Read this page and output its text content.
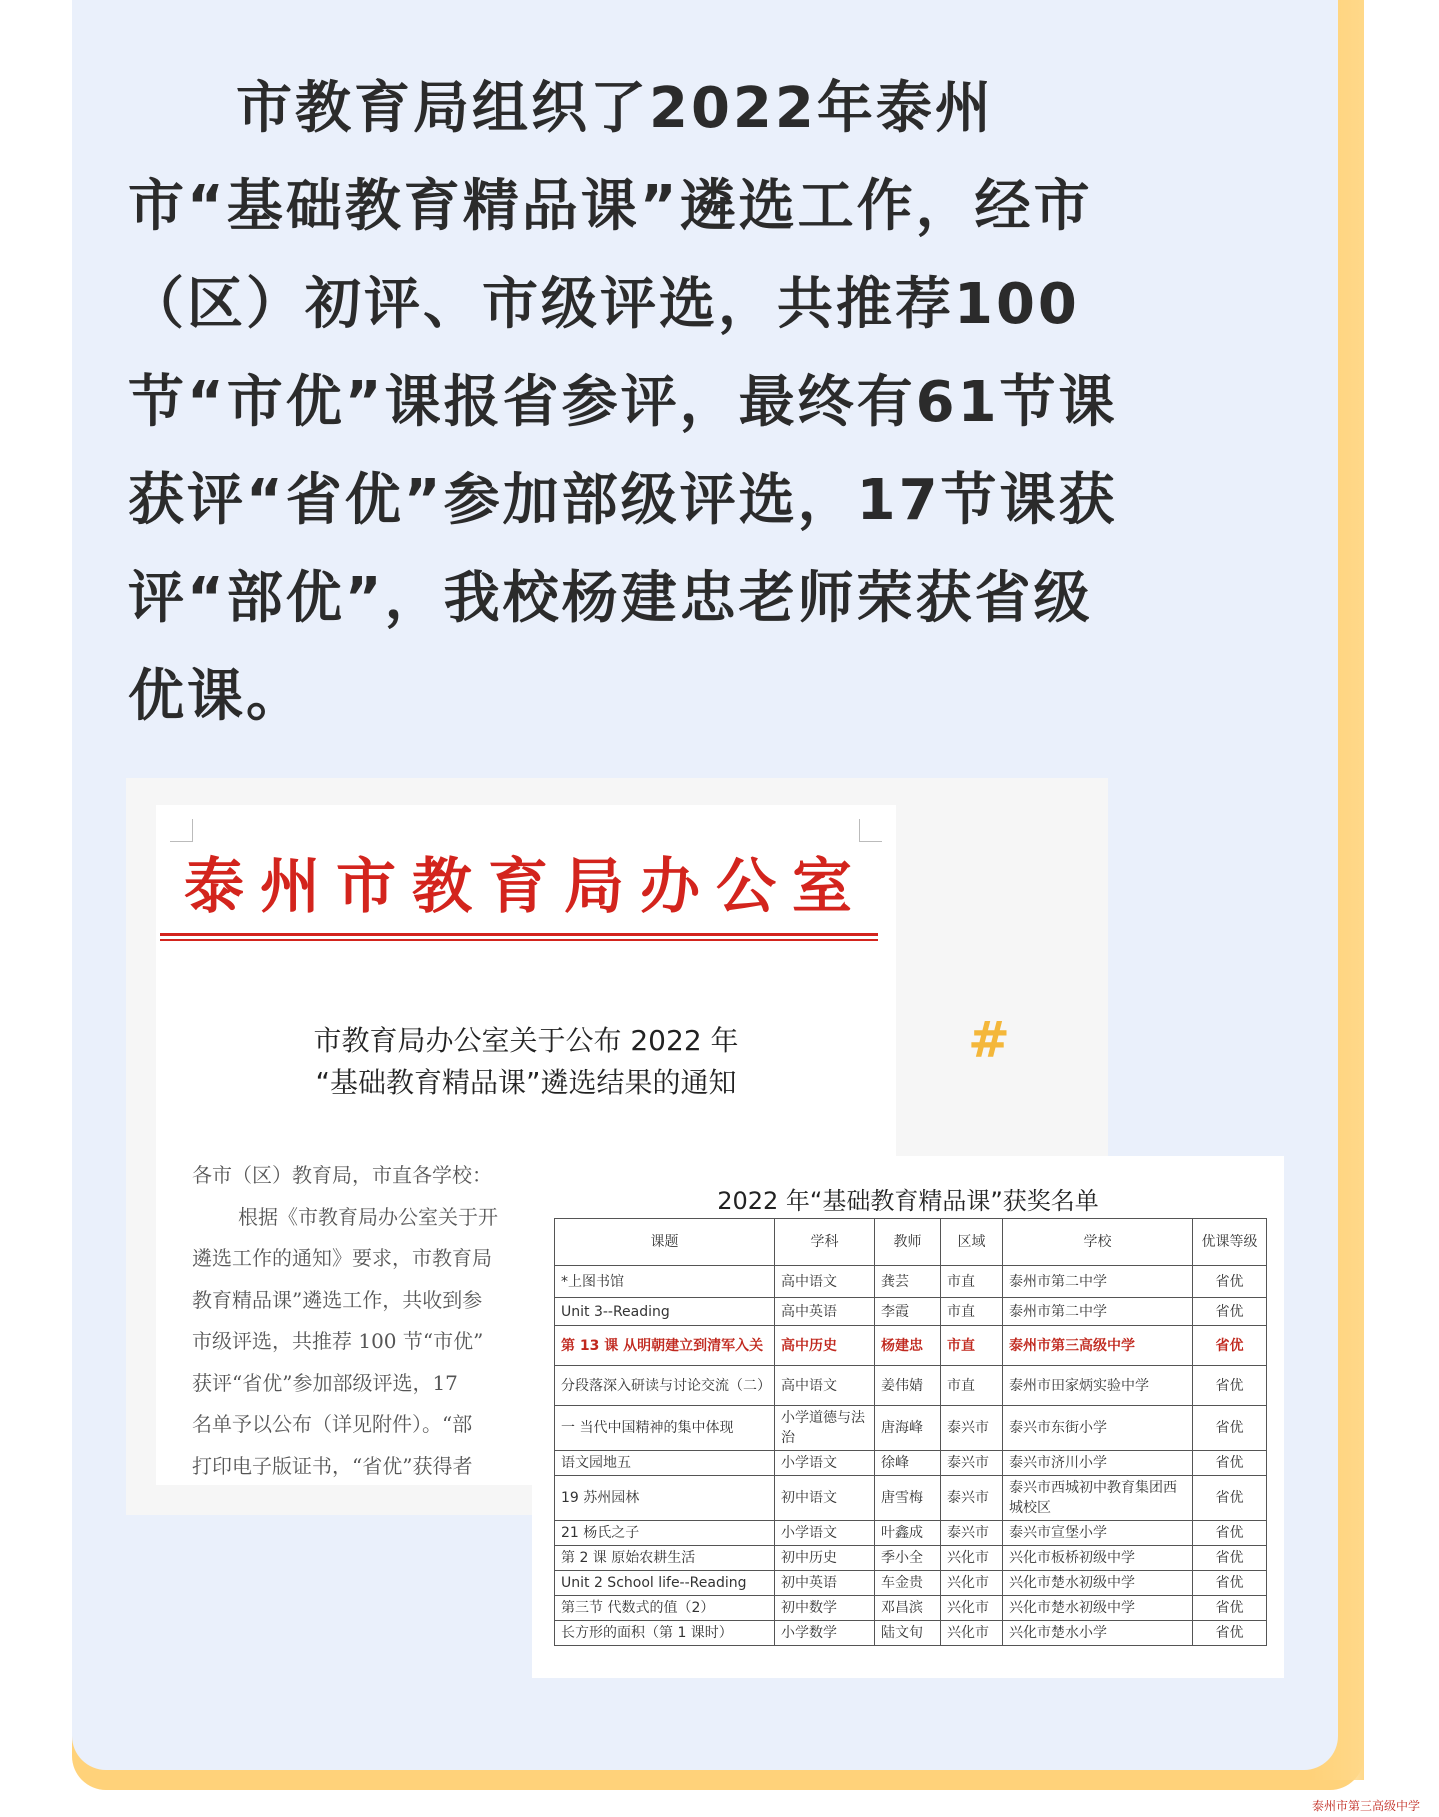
市教育局组织了2022年泰州市“基础教育精品课”遴选工作，经市（区）初评、市级评选，共推荐100节“市优”课报省参评，最终有61节课获评“省优”参加部级评选，17节课获评“部优”，我校杨建忠老师荣获省级优课。

泰州市教育局办公室
市教育局办公室关于公布 2022 年
“基础教育精品课”遴选结果的通知
各市（区）教育局，市直各学校：
根据《市教育局办公室关于开
遴选工作的通知》要求，市教育局
教育精品课”遴选工作，共收到参
市级评选，共推荐 100 节“市优”
获评“省优”参加部级评选，17
名单予以公布（详见附件）。“部
打印电子版证书，“省优”获得者
#
2022 年“基础教育精品课”获奖名单
课题	学科	教师	区域	学校	优课等级
*上图书馆	高中语文	龚芸	市直	泰州市第二中学	省优
Unit 3--Reading	高中英语	李霞	市直	泰州市第二中学	省优
第 13 课 从明朝建立到清军入关	高中历史	杨建忠	市直	泰州市第三高级中学	省优
分段落深入研读与讨论交流（二）	高中语文	姜伟婧	市直	泰州市田家炳实验中学	省优
一 当代中国精神的集中体现	小学道德与法治	唐海峰	泰兴市	泰兴市东街小学	省优
语文园地五	小学语文	徐峰	泰兴市	泰兴市济川小学	省优
19 苏州园林	初中语文	唐雪梅	泰兴市	泰兴市西城初中教育集团西城校区	省优
21 杨氏之子	小学语文	叶鑫成	泰兴市	泰兴市宣堡小学	省优
第 2 课 原始农耕生活	初中历史	季小全	兴化市	兴化市板桥初级中学	省优
Unit 2 School life--Reading	初中英语	车金贵	兴化市	兴化市楚水初级中学	省优
第三节 代数式的值（2）	初中数学	邓昌滨	兴化市	兴化市楚水初级中学	省优
长方形的面积（第 1 课时）	小学数学	陆文旬	兴化市	兴化市楚水小学	省优
泰州市第三高级中学
